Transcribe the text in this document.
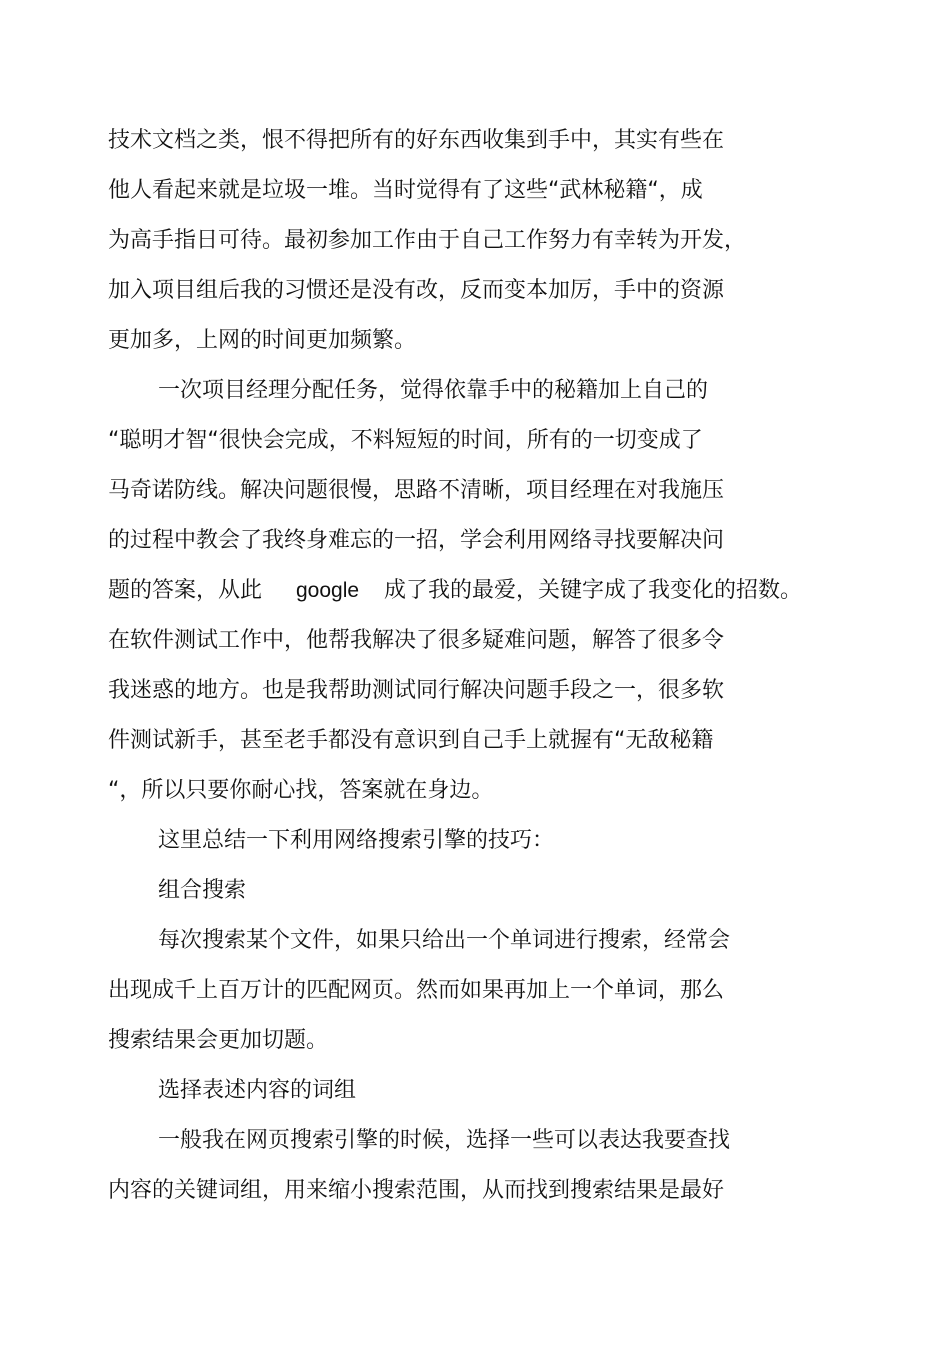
技术文档之类，恨不得把所有的好东西收集到手中，其实有些在

他人看起来就是垃圾一堆。当时觉得有了这些“武林秘籍“，成

为高手指日可待。最初参加工作由于自己工作努力有幸转为开发，

加入项目组后我的习惯还是没有改，反而变本加厉，手中的资源

更加多，上网的时间更加频繁。

一次项目经理分配任务，觉得依靠手中的秘籍加上自己的

“聪明才智“很快会完成，不料短短的时间，所有的一切变成了

马奇诺防线。解决问题很慢，思路不清晰，项目经理在对我施压

的过程中教会了我终身难忘的一招，学会利用网络寻找要解决问

题的答案，从此 google 成了我的最爱，关键字成了我变化的招数。

在软件测试工作中，他帮我解决了很多疑难问题，解答了很多令

我迷惑的地方。也是我帮助测试同行解决问题手段之一，很多软

件测试新手，甚至老手都没有意识到自己手上就握有“无敌秘籍

“，所以只要你耐心找，答案就在身边。

这里总结一下利用网络搜索引擎的技巧：

组合搜索

每次搜索某个文件，如果只给出一个单词进行搜索，经常会

出现成千上百万计的匹配网页。然而如果再加上一个单词，那么

搜索结果会更加切题。

选择表述内容的词组

一般我在网页搜索引擎的时候，选择一些可以表达我要查找

内容的关键词组，用来缩小搜索范围，从而找到搜索结果是最好
